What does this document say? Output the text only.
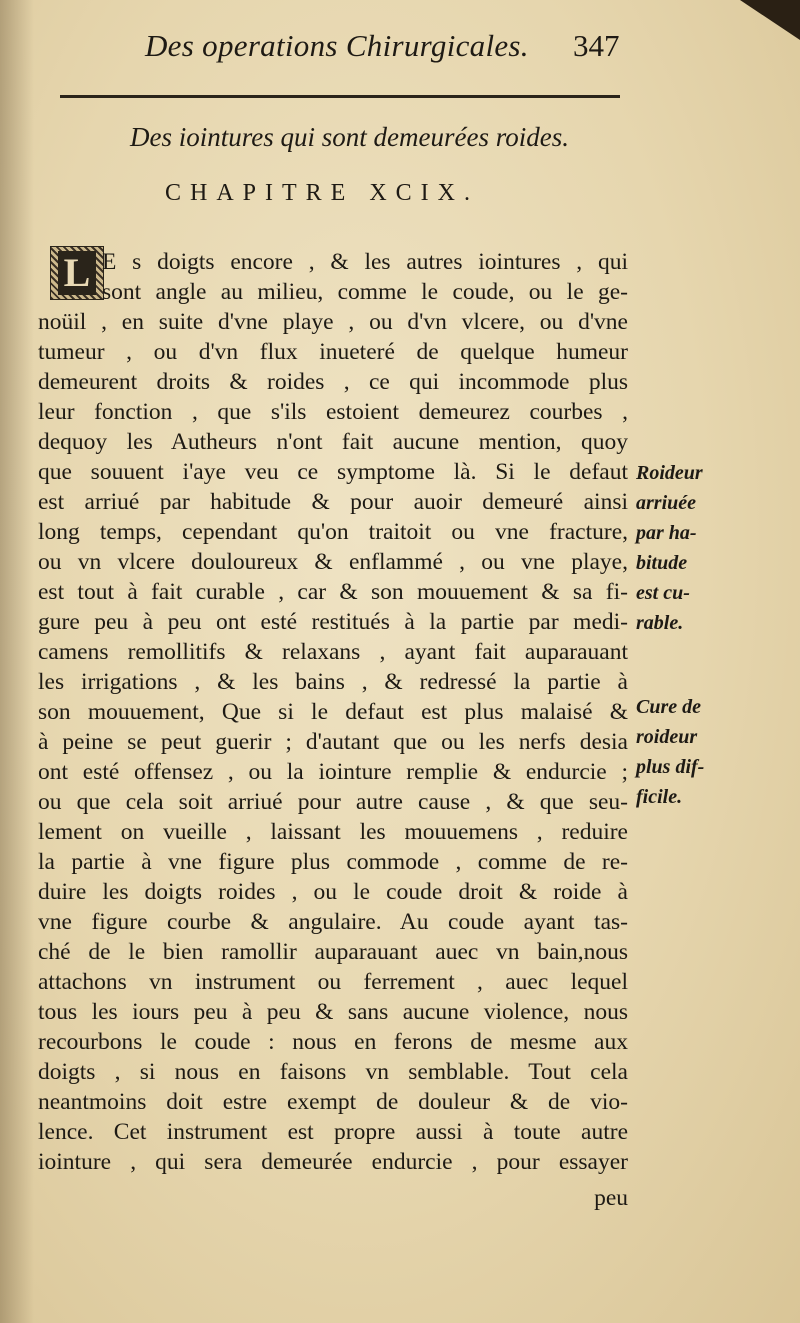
Des operations Chirurgicales. 347
Des iointures qui sont demeurées roides.
CHAPITRE XCIX.
L E s doigts encore , & les autres iointures , qui
sont angle au milieu, comme le coude, ou le ge-
noüil , en suite d'vne playe , ou d'vn vlcere, ou d'vne
tumeur , ou d'vn flux inueteré de quelque humeur
demeurent droits & roides , ce qui incommode plus
leur fonction , que s'ils estoient demeurez courbes ,
dequoy les Autheurs n'ont fait aucune mention, quoy
que souuent i'aye veu ce symptome là. Si le defaut
est arriué par habitude & pour auoir demeuré ainsi
long temps, cependant qu'on traitoit ou vne fracture,
ou vn vlcere douloureux & enflammé , ou vne playe,
est tout à fait curable , car & son mouuement & sa fi-
gure peu à peu ont esté restitués à la partie par medi-
camens remollitifs & relaxans , ayant fait auparauant
les irrigations , & les bains , & redressé la partie à
son mouuement, Que si le defaut est plus malaisé &
à peine se peut guerir ; d'autant que ou les nerfs desia
ont esté offensez , ou la iointure remplie & endurcie ;
ou que cela soit arriué pour autre cause , & que seu-
lement on vueille , laissant les mouuemens , reduire
la partie à vne figure plus commode , comme de re-
duire les doigts roides , ou le coude droit & roide à
vne figure courbe & angulaire. Au coude ayant tas-
ché de le bien ramollir auparauant auec vn bain,nous
attachons vn instrument ou ferrement , auec lequel
tous les iours peu à peu & sans aucune violence, nous
recourbons le coude : nous en ferons de mesme aux
doigts , si nous en faisons vn semblable. Tout cela
neantmoins doit estre exempt de douleur & de vio-
lence. Cet instrument est propre aussi à toute autre
iointure , qui sera demeurée endurcie , pour essayer
peu
Roideur
arriuée
par ha-
bitude
est cu-
rable.
Cure de
roideur
plus dif-
ficile.
